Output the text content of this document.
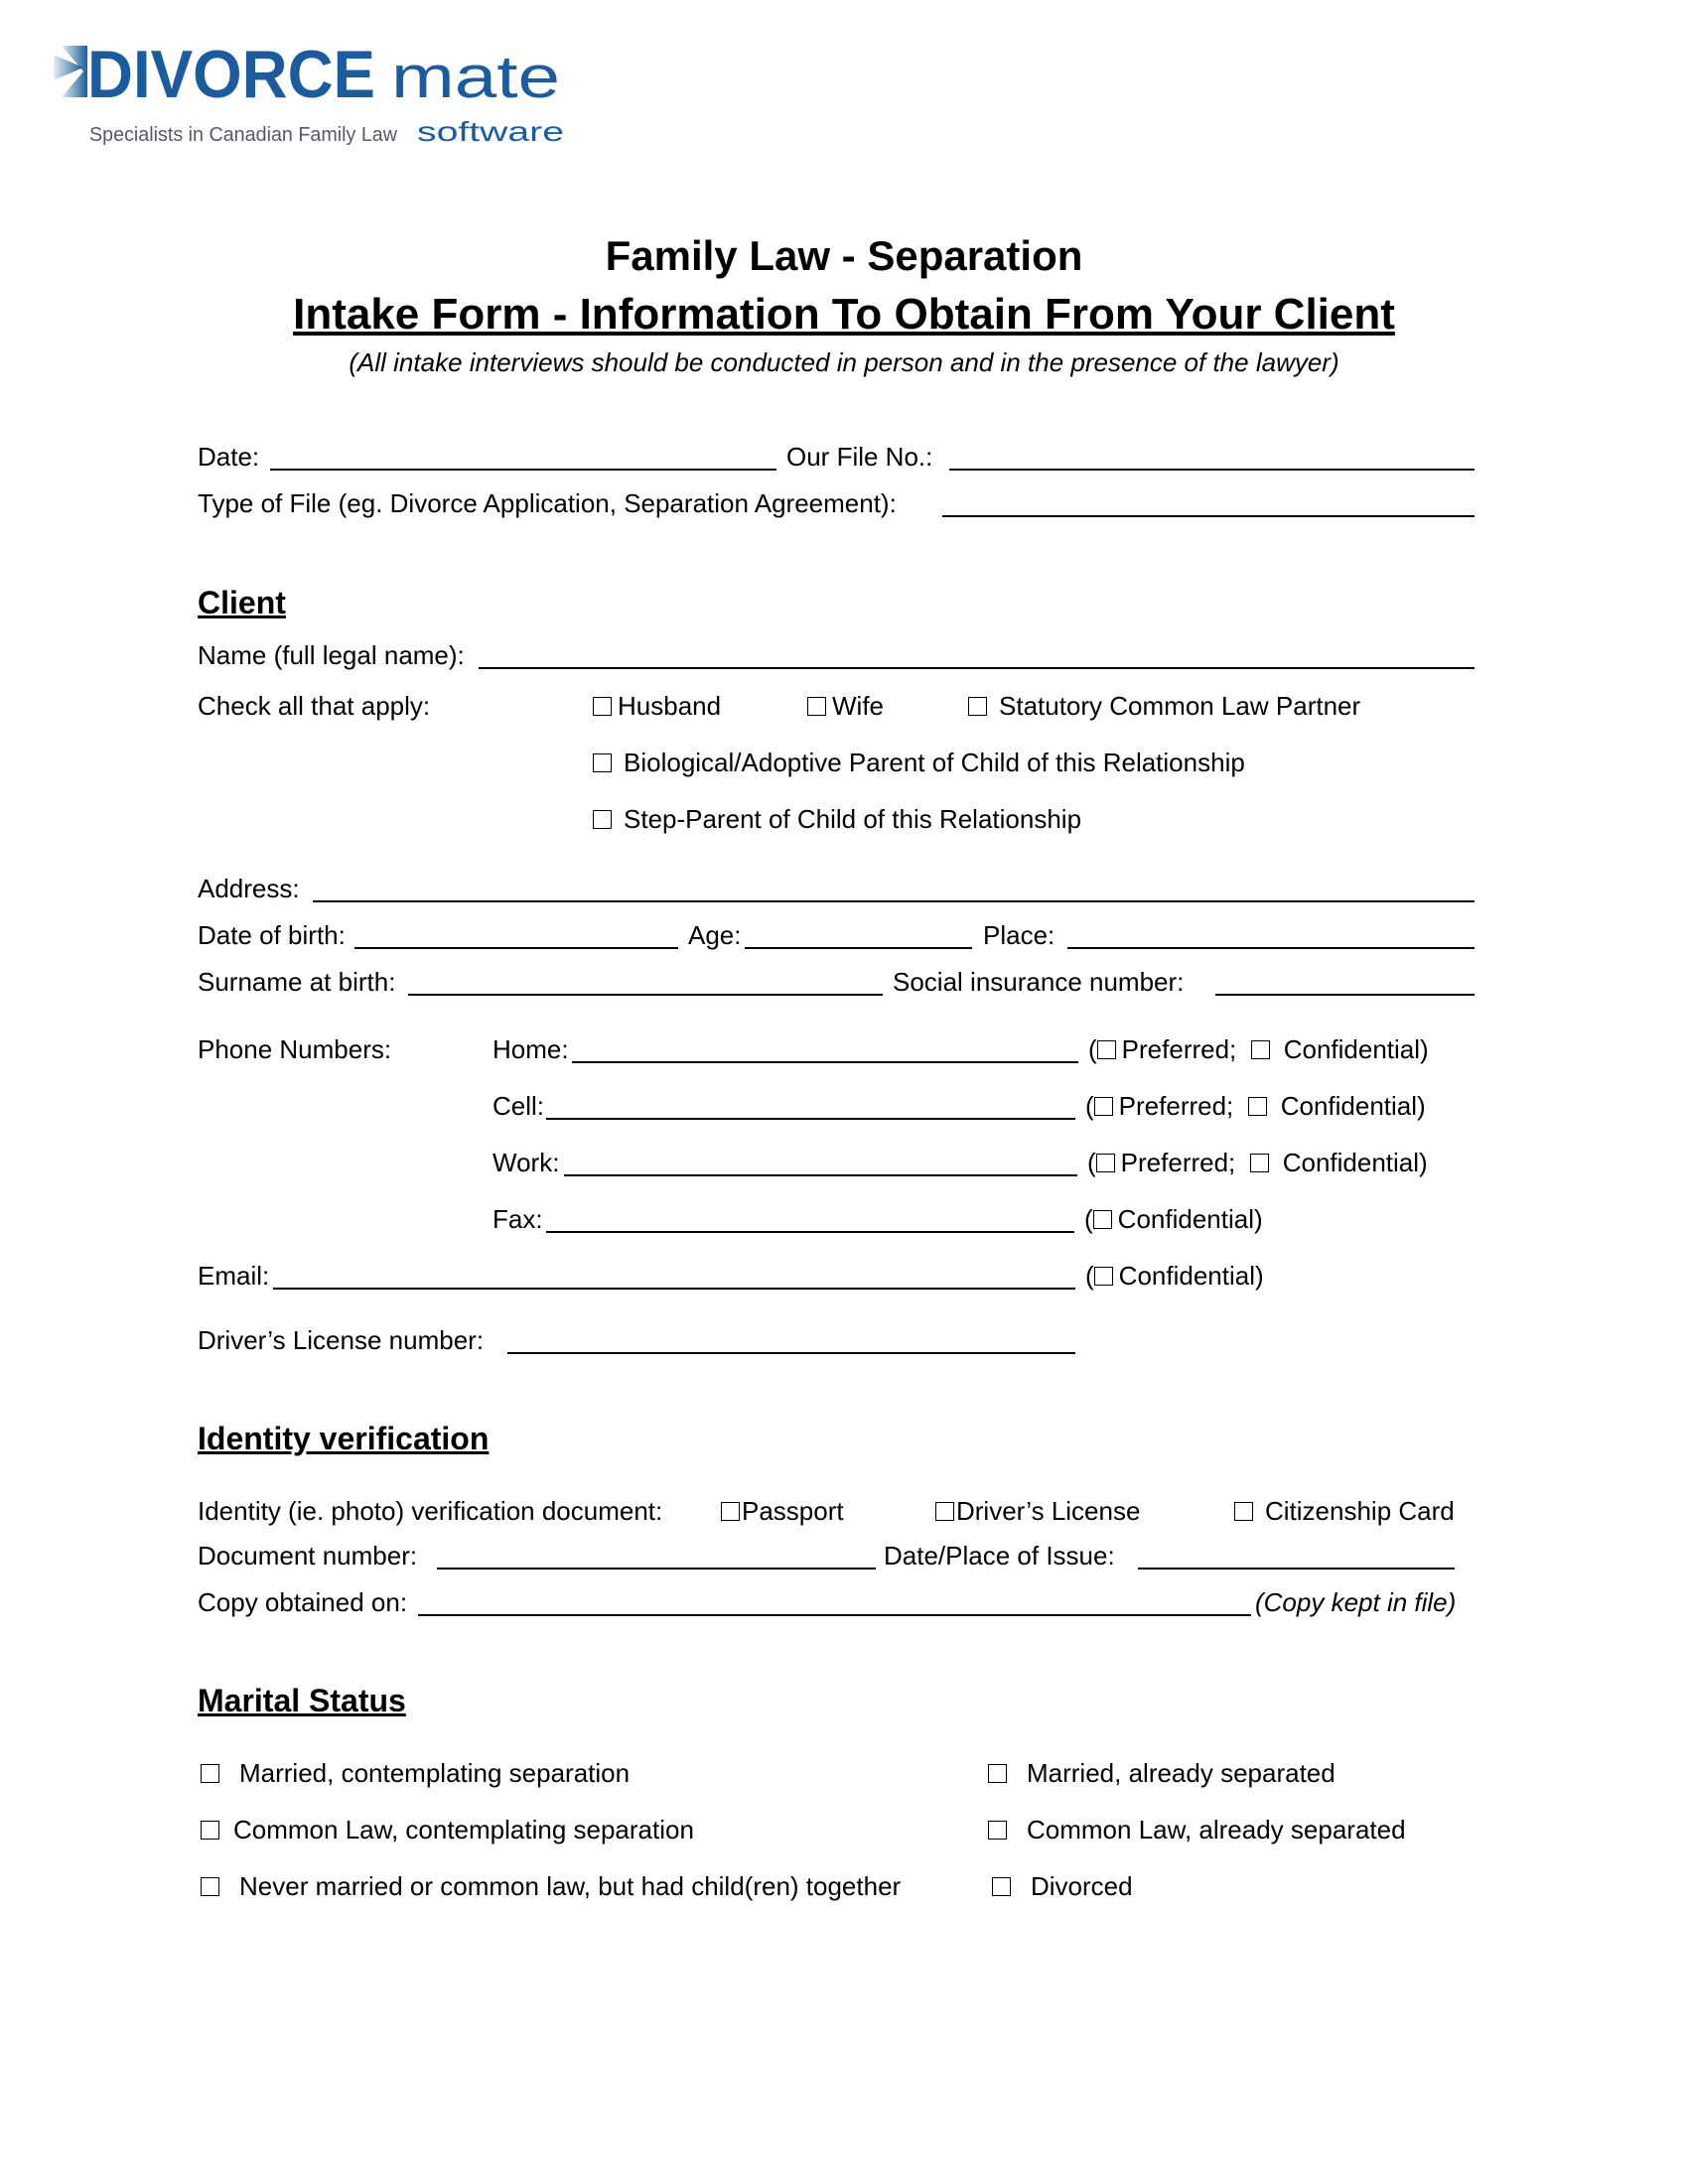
DIVORCE mate
Specialists in Canadian Family Law software
Family Law - Separation
Intake Form - Information To Obtain From Your Client
(All intake interviews should be conducted in person and in the presence of the lawyer)
Date:	Our File No.:
Type of File (eg. Divorce Application, Separation Agreement):
Client
Name (full legal name):
Check all that apply:	Husband	Wife	Statutory Common Law Partner
Biological/Adoptive Parent of Child of this Relationship
Step-Parent of Child of this Relationship
Address:
Date of birth:	Age:	Place:
Surname at birth:	Social insurance number:
Phone Numbers:	Home:	( Preferred; Confidential)
Cell:	( Preferred; Confidential)
Work:	( Preferred; Confidential)
Fax:	( Confidential)
Email:	( Confidential)
Driver’s License number:
Identity verification
Identity (ie. photo) verification document:	Passport	Driver’s License	Citizenship Card
Document number:	Date/Place of Issue:
Copy obtained on:	(Copy kept in file)
Marital Status
Married, contemplating separation	Married, already separated
Common Law, contemplating separation	Common Law, already separated
Never married or common law, but had child(ren) together	Divorced
